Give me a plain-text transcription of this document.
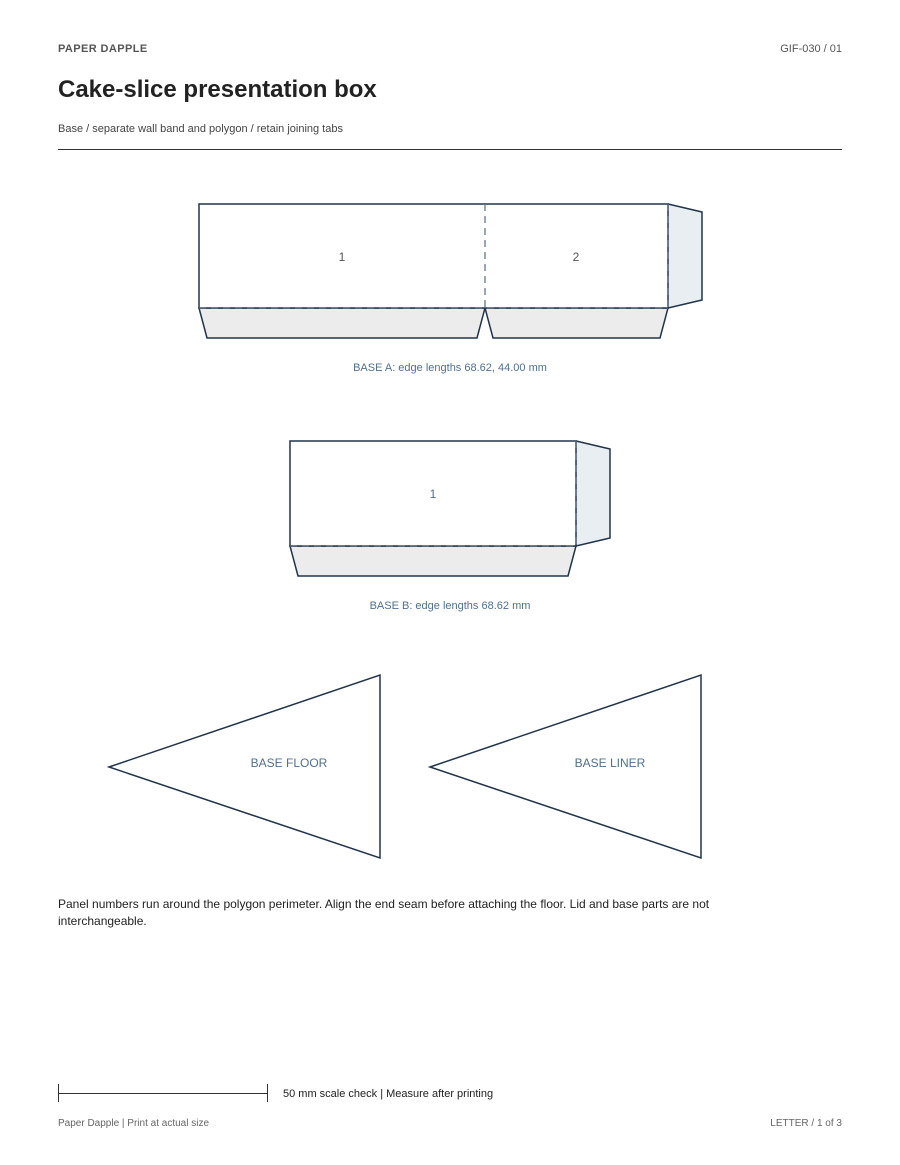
PAPER DAPPLE	GIF-030 / 01
Cake-slice presentation box
Base / separate wall band and polygon / retain joining tabs
1	2
BASE A: edge lengths 68.62, 44.00 mm
1
BASE B: edge lengths 68.62 mm
BASE FLOOR	BASE LINER
Panel numbers run around the polygon perimeter. Align the end seam before attaching the floor. Lid and base parts are not interchangeable.
50 mm scale check | Measure after printing
Paper Dapple | Print at actual size	LETTER / 1 of 3
